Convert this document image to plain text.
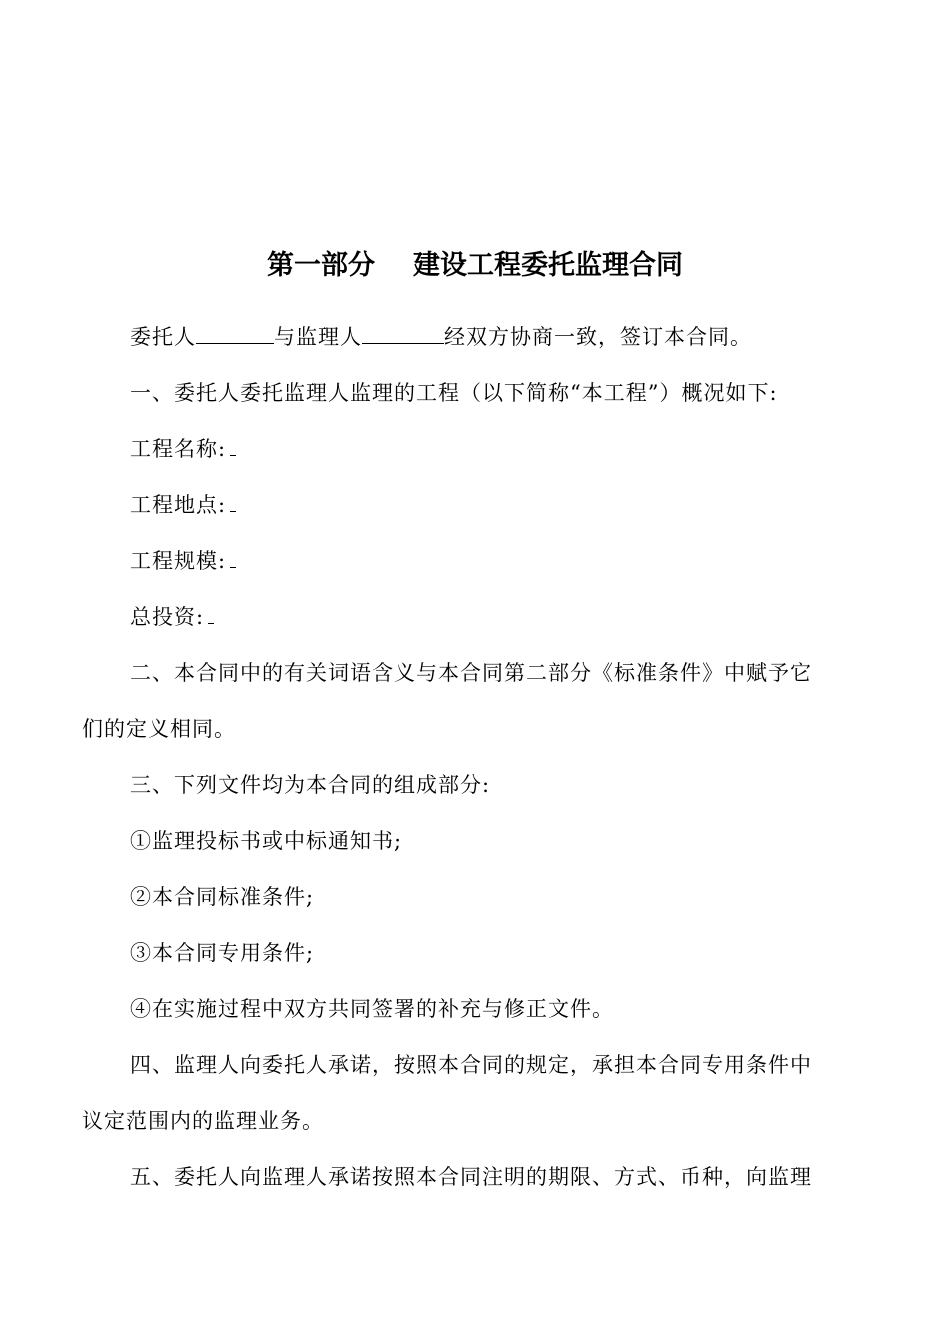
第一部分 建设工程委托监理合同
委托人	与监理人	经双方协商一致，签订本合同。
一、委托人委托监理人监理的工程（以下简称“本工程”）概况如下:
工程名称:
工程地点:
工程规模:
总投资:
二、本合同中的有关词语含义与本合同第二部分《标准条件》中赋予它
们的定义相同。
三、下列文件均为本合同的组成部分:
①监理投标书或中标通知书;
②本合同标准条件;
③本合同专用条件;
④在实施过程中双方共同签署的补充与修正文件。
四、监理人向委托人承诺，按照本合同的规定，承担本合同专用条件中
议定范围内的监理业务。
五、委托人向监理人承诺按照本合同注明的期限、方式、币种，向监理
